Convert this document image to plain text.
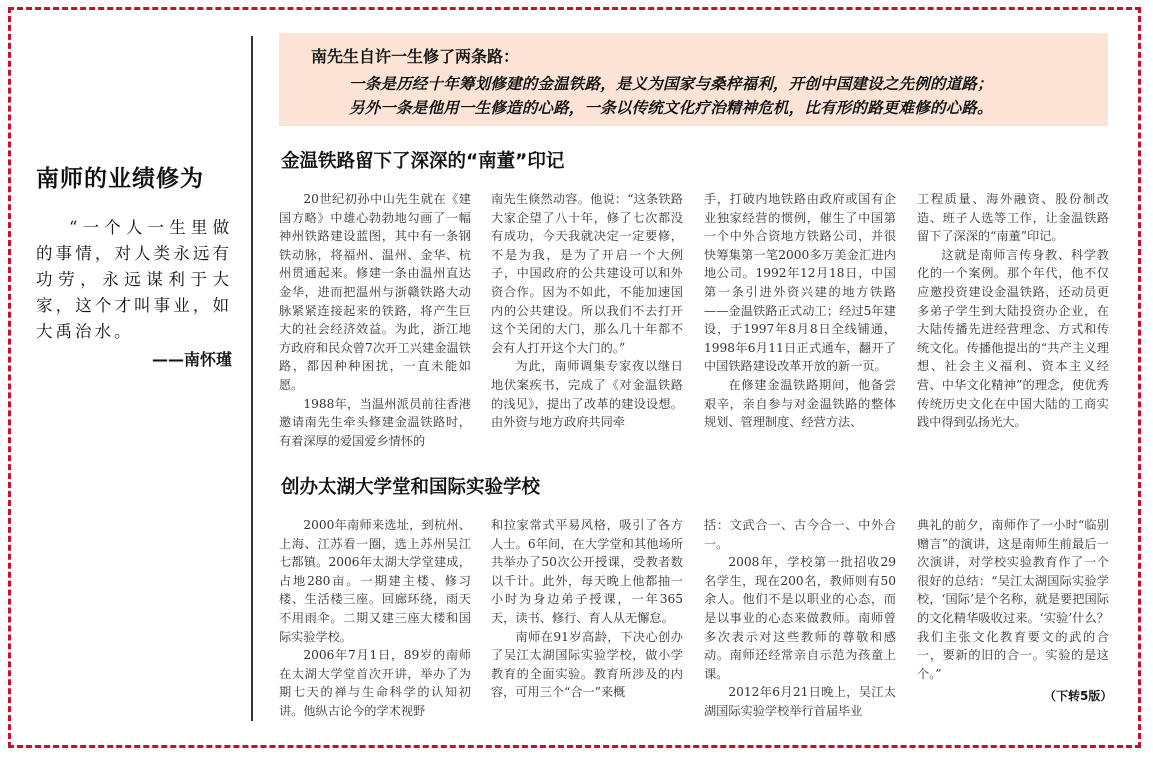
南师的业绩修为

“一个人一生里做的事情，对人类永远有功劳，永远谋利于大家，这个才叫事业，如大禹治水。

——南怀瑾
南先生自许一生修了两条路：
一条是历经十年筹划修建的金温铁路，是义为国家与桑梓福利，开创中国建设之先例的道路；
另外一条是他用一生修造的心路，一条以传统文化疗治精神危机，比有形的路更难修的心路。
金温铁路留下了深深的“南董”印记

20世纪初孙中山先生就在《建国方略》中雄心勃勃地勾画了一幅神州铁路建设蓝图，其中有一条钢铁动脉，将福州、温州、金华、杭州贯通起来。修建一条由温州直达金华，进而把温州与浙赣铁路大动脉紧紧连接起来的铁路，将产生巨大的社会经济效益。为此，浙江地方政府和民众曾7次开工兴建金温铁路，都因种种困扰，一直未能如愿。

1988年，当温州派员前往香港邀请南先生牵头修建金温铁路时，有着深厚的爱国爱乡情怀的

南先生倏然动容。他说：“这条铁路大家企望了八十年，修了七次都没有成功，今天我就决定一定要修，不是为我，是为了开启一个大例子，中国政府的公共建设可以和外资合作。因为不如此，不能加速国内的公共建设。所以我们不去打开这个关闭的大门，那么几十年都不会有人打开这个大门的。”

为此，南师调集专家夜以继日地伏案疾书，完成了《对金温铁路的浅见》，提出了改革的建设设想。由外资与地方政府共同牵

手，打破内地铁路由政府或国有企业独家经营的惯例，催生了中国第一个中外合资地方铁路公司，并很快筹集第一笔2000多万美金汇进内地公司。1992年12月18日，中国第一条引进外资兴建的地方铁路——金温铁路正式动工；经过5年建设，于1997年8月8日全线铺通，1998年6月11日正式通车，翻开了中国铁路建设改革开放的新一页。

在修建金温铁路期间，他备尝艰辛，亲自参与对金温铁路的整体规划、管理制度、经营方法、

工程质量、海外融资、股份制改造、班子人选等工作，让金温铁路留下了深深的“南董”印记。

这就是南师言传身教、科学教化的一个案例。那个年代，他不仅应邀投资建设金温铁路，还动员更多弟子学生到大陆投资办企业，在大陆传播先进经营理念、方式和传统文化。传播他提出的“共产主义理想、社会主义福利、资本主义经营、中华文化精神”的理念，使优秀传统历史文化在中国大陆的工商实践中得到弘扬光大。

创办太湖大学堂和国际实验学校

2000年南师来选址，到杭州、上海、江苏看一圈，选上苏州吴江七都镇。2006年太湖大学堂建成，占地280亩。一期建主楼、修习楼、生活楼三座。回廊环绕，雨天不用雨伞。二期又建三座大楼和国际实验学校。

2006年7月1日，89岁的南师在太湖大学堂首次开讲，举办了为期七天的禅与生命科学的认知初讲。他纵古论今的学术视野

和拉家常式平易风格，吸引了各方人士。6年间，在大学堂和其他场所共举办了50次公开授课，受教者数以千计。此外，每天晚上他都抽一小时为身边弟子授课，一年365天，读书、修行、育人从无懈怠。

南师在91岁高龄，下决心创办了吴江太湖国际实验学校，做小学教育的全面实验。教育所涉及的内容，可用三个“合一”来概

括：文武合一、古今合一、中外合一。

2008年，学校第一批招收29名学生，现在200名，教师则有50余人。他们不是以职业的心态，而是以事业的心态来做教师。南师曾多次表示对这些教师的尊敬和感动。南师还经常亲自示范为孩童上课。

2012年6月21日晚上，吴江太湖国际实验学校举行首届毕业

典礼的前夕，南师作了一小时“临别赠言”的演讲，这是南师生前最后一次演讲，对学校实验教育作了一个很好的总结：“吴江太湖国际实验学校，‘国际’是个名称，就是要把国际的文化精华吸收过来。‘实验’什么？我们主张文化教育要文的武的合一，要新的旧的合一。实验的是这个。”

（下转5版）
